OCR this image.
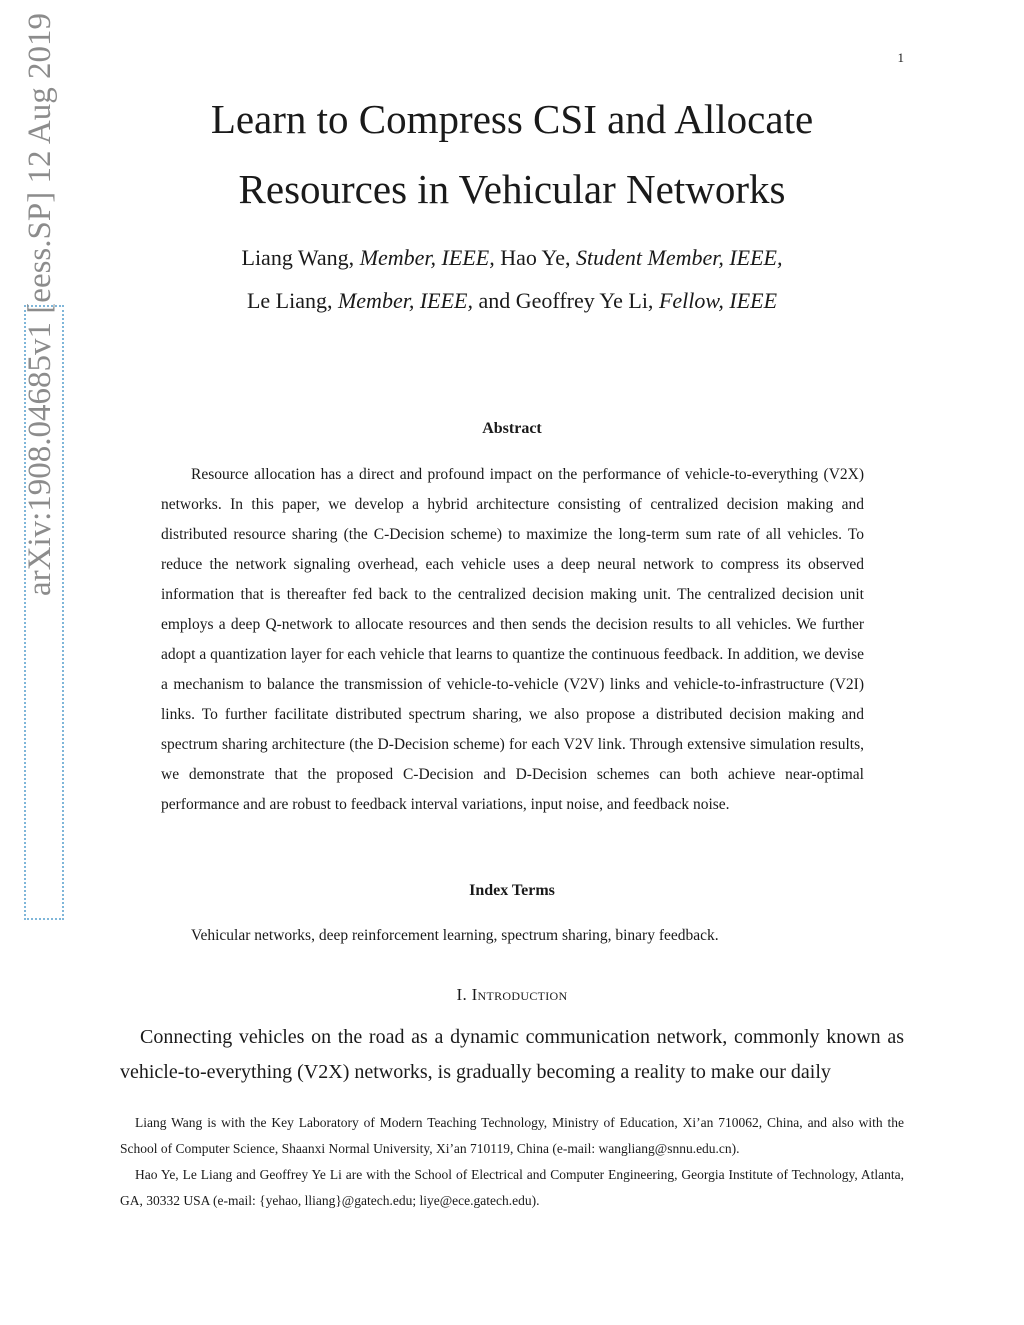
1
arXiv:1908.04685v1 [eess.SP] 12 Aug 2019	Learn to Compress CSI and Allocate
Resources in Vehicular Networks
Liang Wang, Member, IEEE, Hao Ye, Student Member, IEEE,
Le Liang, Member, IEEE, and Geoffrey Ye Li, Fellow, IEEE
Abstract

Resource allocation has a direct and profound impact on the performance of vehicle-to-everything (V2X) networks. In this paper, we develop a hybrid architecture consisting of centralized decision making and distributed resource sharing (the C-Decision scheme) to maximize the long-term sum rate of all vehicles. To reduce the network signaling overhead, each vehicle uses a deep neural network to compress its observed information that is thereafter fed back to the centralized decision making unit. The centralized decision unit employs a deep Q-network to allocate resources and then sends the decision results to all vehicles. We further adopt a quantization layer for each vehicle that learns to quantize the continuous feedback. In addition, we devise a mechanism to balance the transmission of vehicle-to-vehicle (V2V) links and vehicle-to-infrastructure (V2I) links. To further facilitate distributed spectrum sharing, we also propose a distributed decision making and spectrum sharing architecture (the D-Decision scheme) for each V2V link. Through extensive simulation results, we demonstrate that the proposed C-Decision and D-Decision schemes can both achieve near-optimal performance and are robust to feedback interval variations, input noise, and feedback noise.

Index Terms

Vehicular networks, deep reinforcement learning, spectrum sharing, binary feedback.

I. Introduction

Connecting vehicles on the road as a dynamic communication network, commonly known as vehicle-to-everything (V2X) networks, is gradually becoming a reality to make our daily

Liang Wang is with the Key Laboratory of Modern Teaching Technology, Ministry of Education, Xi’an 710062, China, and also with the School of Computer Science, Shaanxi Normal University, Xi’an 710119, China (e-mail: wangliang@snnu.edu.cn).

Hao Ye, Le Liang and Geoffrey Ye Li are with the School of Electrical and Computer Engineering, Georgia Institute of Technology, Atlanta, GA, 30332 USA (e-mail: {yehao, lliang}@gatech.edu; liye@ece.gatech.edu).
